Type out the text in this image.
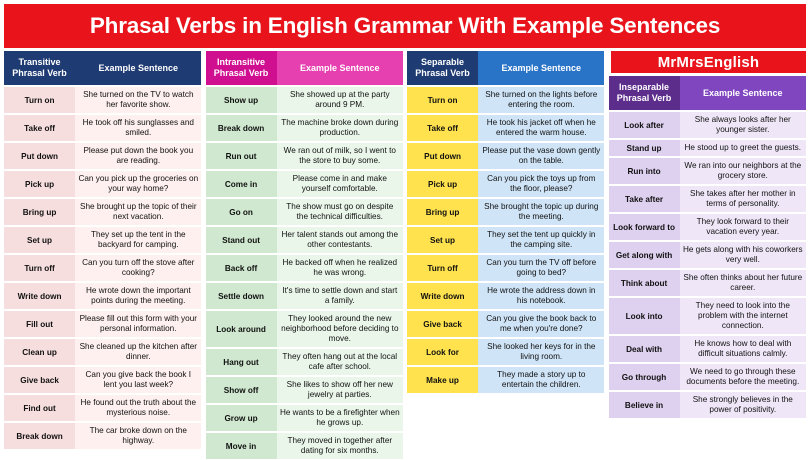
Phrasal Verbs in English Grammar With Example Sentences
MrMrsEnglish
Transitive Phrasal Verb
Example Sentence
Turn on
She turned on the TV to watch her favorite show.
Take off
He took off his sunglasses and smiled.
Put down
Please put down the book you are reading.
Pick up
Can you pick up the groceries on your way home?
Bring up
She brought up the topic of their next vacation.
Set up
They set up the tent in the backyard for camping.
Turn off
Can you turn off the stove after cooking?
Write down
He wrote down the important points during the meeting.
Fill out
Please fill out this form with your personal information.
Clean up
She cleaned up the kitchen after dinner.
Give back
Can you give back the book I lent you last week?
Find out
He found out the truth about the mysterious noise.
Break down
The car broke down on the highway.
Intransitive Phrasal Verb
Example Sentence
Show up
She showed up at the party around 9 PM.
Break down
The machine broke down during production.
Run out
We ran out of milk, so I went to the store to buy some.
Come in
Please come in and make yourself comfortable.
Go on
The show must go on despite the technical difficulties.
Stand out
Her talent stands out among the other contestants.
Back off
He backed off when he realized he was wrong.
Settle down
It's time to settle down and start a family.
Look around
They looked around the new neighborhood before deciding to move.
Hang out
They often hang out at the local cafe after school.
Show off
She likes to show off her new jewelry at parties.
Grow up
He wants to be a firefighter when he grows up.
Move in
They moved in together after dating for six months.
Separable Phrasal Verb
Example Sentence
Turn on
She turned on the lights before entering the room.
Take off
He took his jacket off when he entered the warm house.
Put down
Please put the vase down gently on the table.
Pick up
Can you pick the toys up from the floor, please?
Bring up
She brought the topic up during the meeting.
Set up
They set the tent up quickly in the camping site.
Turn off
Can you turn the TV off before going to bed?
Write down
He wrote the address down in his notebook.
Give back
Can you give the book back to me when you're done?
Look for
She looked her keys for in the living room.
Make up
They made a story up to entertain the children.
Inseparable Phrasal Verb
Example Sentence
Look after
She always looks after her younger sister.
Stand up	He stood up to greet the guests.
Run into
We ran into our neighbors at the grocery store.
Take after
She takes after her mother in terms of personality.
Look forward to
They look forward to their vacation every year.
Get along with
He gets along with his coworkers very well.
Think about
She often thinks about her future career.
Look into
They need to look into the problem with the internet connection.
Deal with
He knows how to deal with difficult situations calmly.
Go through
We need to go through these documents before the meeting.
Believe in
She strongly believes in the power of positivity.
